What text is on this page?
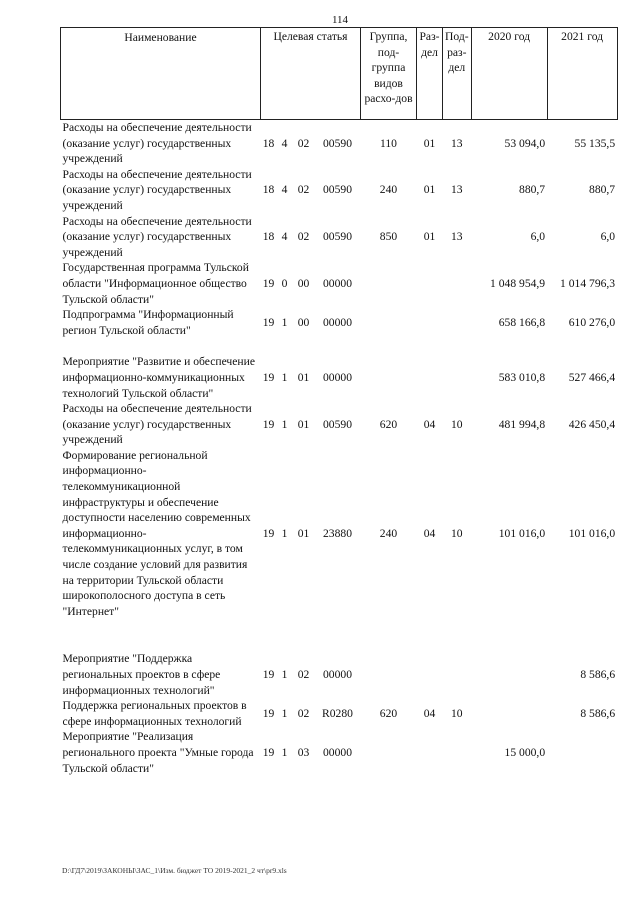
114
Наименование	Целевая статья				Группа, под-группа видов расхо-дов	Раз-дел	Под-раз-дел	2020 год	2021 год
Расходы на обеспечение деятельности (оказание услуг) государственных учреждений	18	4	02	00590	110	01	13	53 094,0	55 135,5
Расходы на обеспечение деятельности (оказание услуг) государственных учреждений	18	4	02	00590	240	01	13	880,7	880,7
Расходы на обеспечение деятельности (оказание услуг) государственных учреждений	18	4	02	00590	850	01	13	6,0	6,0
Государственная программа Тульской области "Информационное общество Тульской области"	19	0	00	00000				1 048 954,9	1 014 796,3
Подпрограмма "Информационный регион Тульской области"	19	1	00	00000				658 166,8	610 276,0

Мероприятие "Развитие и обеспечение информационно-коммуникационных технологий Тульской области"	19	1	01	00000				583 010,8	527 466,4
Расходы на обеспечение деятельности (оказание услуг) государственных учреждений	19	1	01	00590	620	04	10	481 994,8	426 450,4
Формирование региональной информационно-телекоммуникационной инфраструктуры и обеспечение доступности населению современных информационно-телекоммуникационных услуг, в том числе создание условий для развития на территории Тульской области широкополосного доступа в сеть "Интернет"	19	1	01	23880	240	04	10	101 016,0	101 016,0

Мероприятие "Поддержка региональных проектов в сфере информационных технологий"	19	1	02	00000					8 586,6
Поддержка региональных проектов в сфере информационных технологий	19	1	02	R0280	620	04	10		8 586,6
Мероприятие "Реализация регионального проекта "Умные города Тульской области"	19	1	03	00000				15 000,0	
D:\ГД7\2019\ЗАКОНЫ\ЗАС_1\Изм. бюджет ТО 2019-2021_2 чт\pr9.xls
